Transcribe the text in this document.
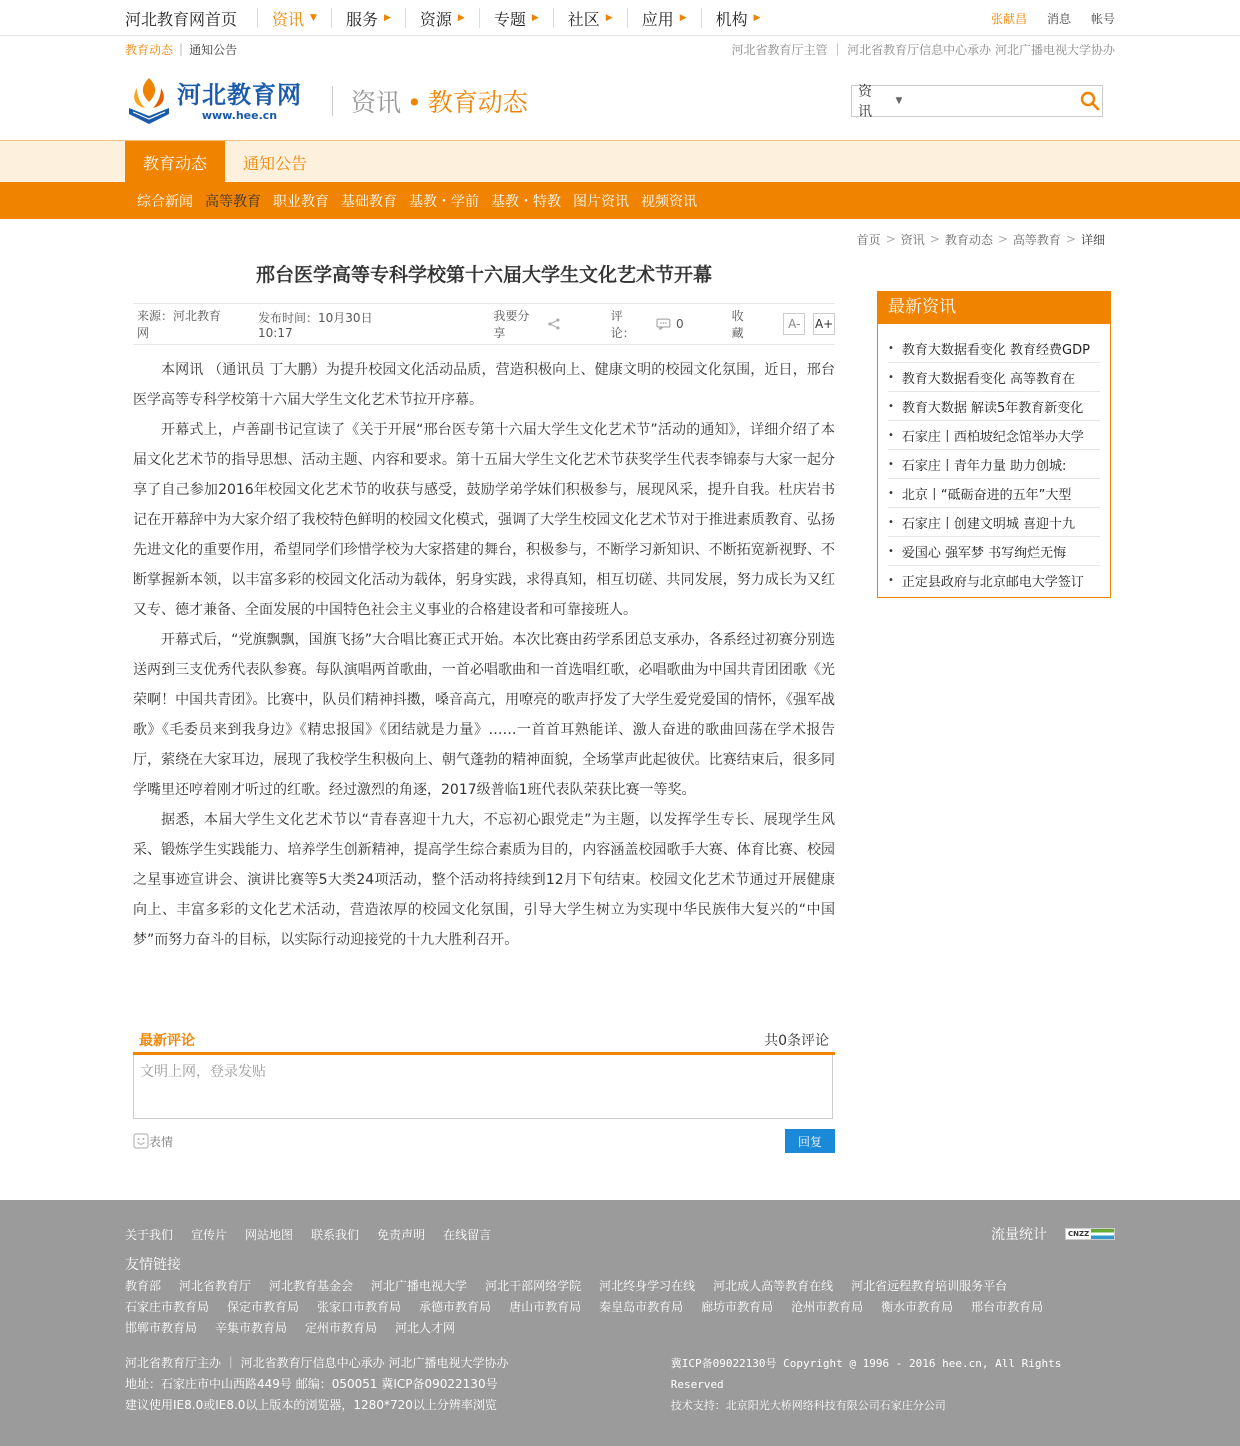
河北教育网首页	资讯 ▼ 服务 ▶ 资源 ▶ 专题 ▶ 社区 ▶ 应用 ▶ 机构 ▶	张献昌 消息 帐号
教育动态 | 通知公告	河北省教育厅主管 ｜ 河北省教育厅信息中心承办 河北广播电视大学协办
河北教育网
www.hee.cn	资讯 • 教育动态	资讯
▼
教育动态	通知公告
综合新闻 高等教育 职业教育 基础教育 基教・学前 基教・特教 图片资讯 视频资讯
首页 > 资讯 > 教育动态 > 高等教育 > 详细
邢台医学高等专科学校第十六届大学生文化艺术节开幕
来源：河北教育网
发布时间：10月30日 10:17
我要分享
评论：
0
收藏
A-	A+

本网讯 （通讯员 丁大鹏）为提升校园文化活动品质，营造积极向上、健康文明的校园文化氛围，近日，邢台医学高等专科学校第十六届大学生文化艺术节拉开序幕。

开幕式上，卢善副书记宣读了《关于开展“邢台医专第十六届大学生文化艺术节”活动的通知》，详细介绍了本届文化艺术节的指导思想、活动主题、内容和要求。第十五届大学生文化艺术节获奖学生代表李锦泰与大家一起分享了自己参加2016年校园文化艺术节的收获与感受，鼓励学弟学妹们积极参与，展现风采，提升自我。杜庆岩书记在开幕辞中为大家介绍了我校特色鲜明的校园文化模式，强调了大学生校园文化艺术节对于推进素质教育、弘扬先进文化的重要作用，希望同学们珍惜学校为大家搭建的舞台，积极参与，不断学习新知识、不断拓宽新视野、不断掌握新本领，以丰富多彩的校园文化活动为载体，躬身实践，求得真知，相互切磋、共同发展，努力成长为又红又专、德才兼备、全面发展的中国特色社会主义事业的合格建设者和可靠接班人。

开幕式后，“党旗飘飘，国旗飞扬”大合唱比赛正式开始。本次比赛由药学系团总支承办，各系经过初赛分别选送两到三支优秀代表队参赛。每队演唱两首歌曲，一首必唱歌曲和一首选唱红歌，必唱歌曲为中国共青团团歌《光荣啊！中国共青团》。比赛中，队员们精神抖擞，嗓音高亢，用嘹亮的歌声抒发了大学生爱党爱国的情怀，《强军战歌》《毛委员来到我身边》《精忠报国》《团结就是力量》……一首首耳熟能详、激人奋进的歌曲回荡在学术报告厅，萦绕在大家耳边，展现了我校学生积极向上、朝气蓬勃的精神面貌，全场掌声此起彼伏。比赛结束后，很多同学嘴里还哼着刚才听过的红歌。经过激烈的角逐，2017级普临1班代表队荣获比赛一等奖。

据悉，本届大学生文化艺术节以“青春喜迎十九大，不忘初心跟党走”为主题，以发挥学生专长、展现学生风采、锻炼学生实践能力、培养学生创新精神，提高学生综合素质为目的，内容涵盖校园歌手大赛、体育比赛、校园之星事迹宣讲会、演讲比赛等5大类24项活动，整个活动将持续到12月下旬结束。校园文化艺术节通过开展健康向上、丰富多彩的文化艺术活动，营造浓厚的校园文化氛围，引导大学生树立为实现中华民族伟大复兴的“中国梦”而努力奋斗的目标，以实际行动迎接党的十九大胜利召开。

最新评论	共0条评论
文明上网，登录发贴
表情	回复
最新资讯
• 教育大数据看变化 教育经费GDP
• 教育大数据看变化 高等教育在
• 教育大数据 解读5年教育新变化
• 石家庄丨西柏坡纪念馆举办大学
• 石家庄丨青年力量 助力创城:
• 北京丨“砥砺奋进的五年”大型
• 石家庄丨创建文明城 喜迎十九
• 爱国心 强军梦 书写绚烂无悔
• 正定县政府与北京邮电大学签订
关于我们 宣传片 网站地图 联系我们 免责声明 在线留言	流量统计	CNZZ
友情链接
教育部 河北省教育厅 河北教育基金会 河北广播电视大学 河北干部网络学院 河北终身学习在线 河北成人高等教育在线 河北省远程教育培训服务平台石家庄市教育局 保定市教育局 张家口市教育局 承德市教育局 唐山市教育局 秦皇岛市教育局 廊坊市教育局 沧州市教育局 衡水市教育局 邢台市教育局邯郸市教育局 辛集市教育局 定州市教育局 河北人才网
河北省教育厅主办 ｜ 河北省教育厅信息中心承办 河北广播电视大学协办
地址：石家庄市中山西路449号 邮编：050051 冀ICP备09022130号
建议使用IE8.0或IE8.0以上版本的浏览器，1280*720以上分辨率浏览
冀ICP备09022130号 Copyright @ 1996 - 2016 hee.cn, All Rights Reserved
技术支持：北京阳光大桥网络科技有限公司石家庄分公司
